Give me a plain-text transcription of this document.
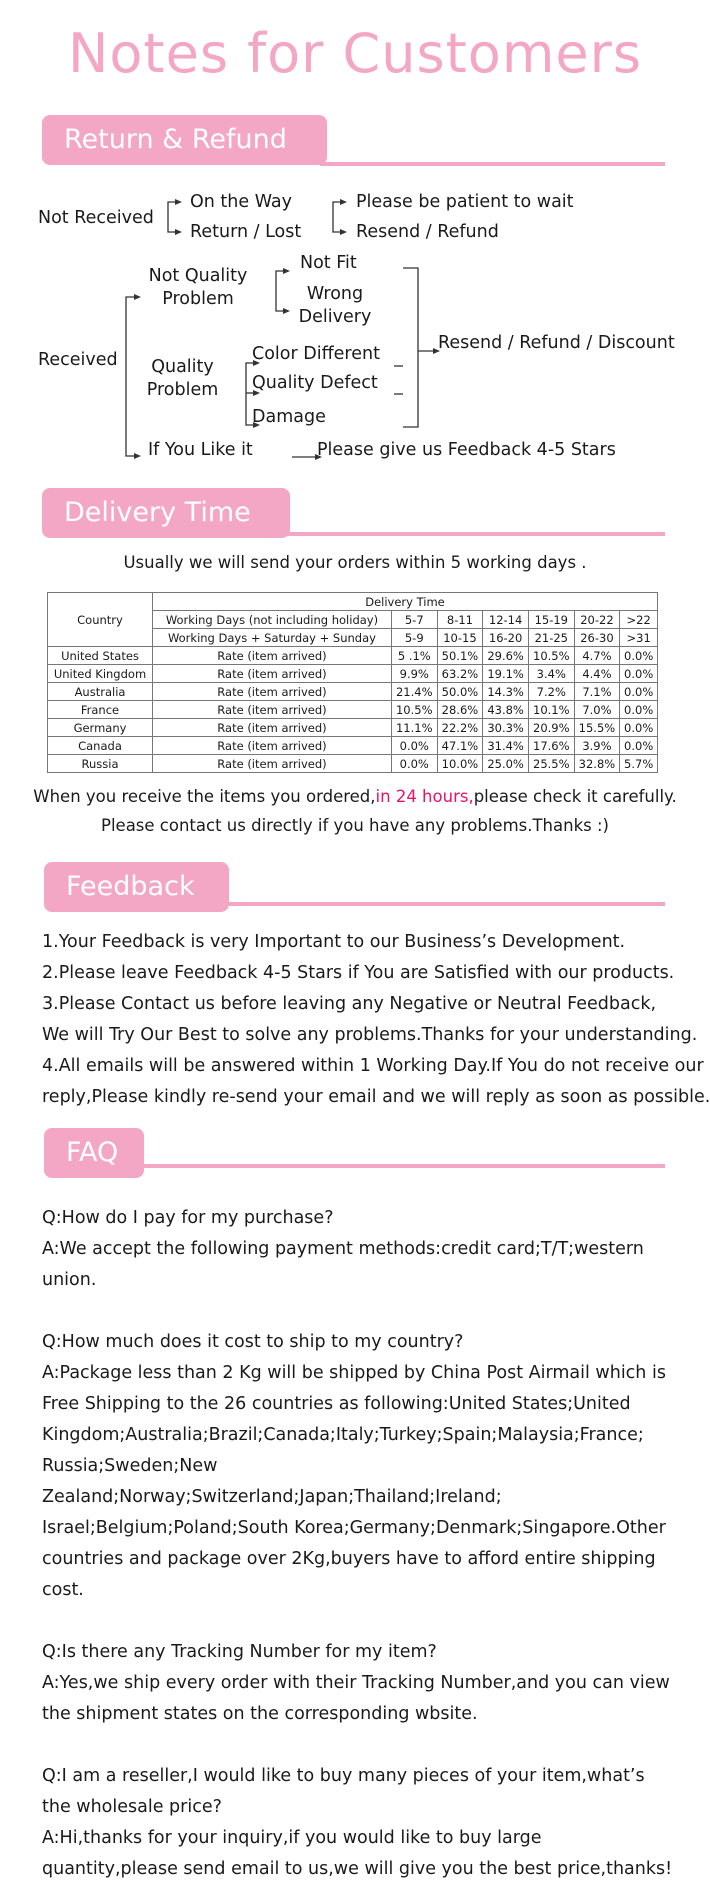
Notes for Customers
Return & Refund
Not Received
On the Way
Return / Lost
Please be patient to wait
Resend / Refund
Received
Not Quality Problem
Not Fit
Wrong Delivery
Quality Problem
Color Different
Quality Defect
Damage
Resend / Refund / Discount
If You Like it	Please give us Feedback 4-5 Stars
Delivery Time
Usually we will send your orders within 5 working days .
Country	Delivery Time						
	Working Days (not including holiday)	5-7	8-11	12-14	15-19	20-22	>22
	Working Days + Saturday + Sunday	5-9	10-15	16-20	21-25	26-30	>31
United States	Rate (item arrived)	5 .1%	50.1%	29.6%	10.5%	4.7%	0.0%
United Kingdom	Rate (item arrived)	9.9%	63.2%	19.1%	3.4%	4.4%	0.0%
Australia	Rate (item arrived)	21.4%	50.0%	14.3%	7.2%	7.1%	0.0%
France	Rate (item arrived)	10.5%	28.6%	43.8%	10.1%	7.0%	0.0%
Germany	Rate (item arrived)	11.1%	22.2%	30.3%	20.9%	15.5%	0.0%
Canada	Rate (item arrived)	0.0%	47.1%	31.4%	17.6%	3.9%	0.0%
Russia	Rate (item arrived)	0.0%	10.0%	25.0%	25.5%	32.8%	5.7%
When you receive the items you ordered,in 24 hours,please check it carefully.
Please contact us directly if you have any problems.Thanks :)
Feedback
1.Your Feedback is very Important to our Business’s Development.
2.Please leave Feedback 4-5 Stars if You are Satisfied with our products.
3.Please Contact us before leaving any Negative or Neutral Feedback,
We will Try Our Best to solve any problems.Thanks for your understanding.
4.All emails will be answered within 1 Working Day.If You do not receive our
reply,Please kindly re-send your email and we will reply as soon as possible.
FAQ
Q:How do I pay for my purchase?
A:We accept the following payment methods:credit card;T/T;western union.
Q:How much does it cost to ship to my country?
A:Package less than 2 Kg will be shipped by China Post Airmail which is Free Shipping to the 26 countries as following:United States;United Kingdom;Australia;Brazil;Canada;Italy;Turkey;Spain;Malaysia;France; Russia;Sweden;New Zealand;Norway;Switzerland;Japan;Thailand;Ireland; Israel;Belgium;Poland;South Korea;Germany;Denmark;Singapore.Other countries and package over 2Kg,buyers have to afford entire shipping cost.
Q:Is there any Tracking Number for my item?
A:Yes,we ship every order with their Tracking Number,and you can view the shipment states on the corresponding wbsite.
Q:I am a reseller,I would like to buy many pieces of your item,what’s the wholesale price?
A:Hi,thanks for your inquiry,if you would like to buy large quantity,please send email to us,we will give you the best price,thanks!
